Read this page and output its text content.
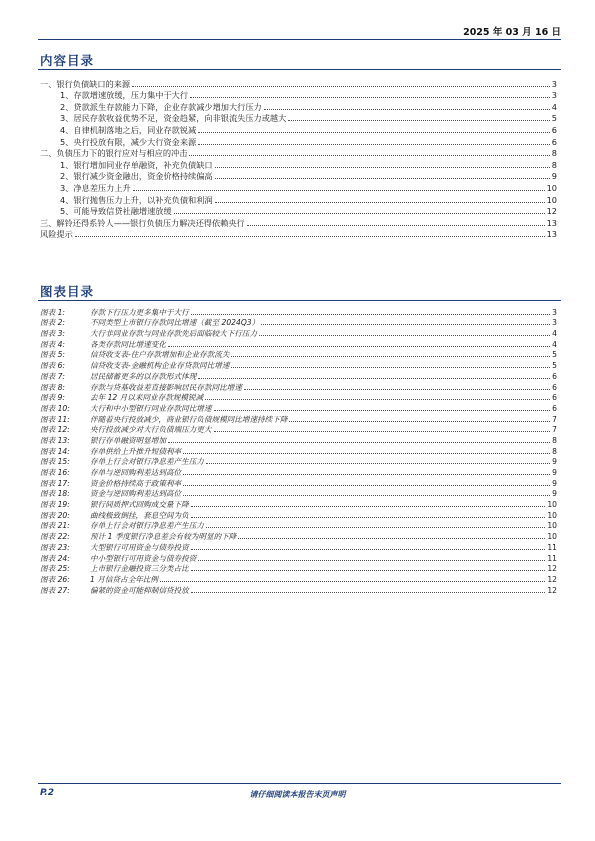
2025 年 03 月 16 日
内容目录
一、银行负债缺口的来源	3
1、存款增速放缓，压力集中于大行	3
2、贷款派生存款能力下降，企业存款减少增加大行压力	4
3、居民存款收益优势不足，资金趋紧，向非银流失压力或越大	5
4、自律机制落地之后，同业存款锐减	6
5、央行投放有限，减少大行资金来源	6
二、负债压力下的银行应对与相应的冲击	8
1、银行增加同业存单融资，补充负债缺口	8
2、银行减少资金融出，资金价格持续偏高	9
3、净息差压力上升	10
4、银行抛售压力上升，以补充负债和利润	10
5、可能导致信贷社融增速放缓	12
三、解铃还得系铃人——银行负债压力解决还得依赖央行	13
风险提示	13
图表目录
图表 1:	存款下行压力更多集中于大行	3
图表 2:	不同类型上市银行存款同比增速（截至 2024Q3）	3
图表 3:	大行非同业存款与同业存款先后面临较大下行压力	4
图表 4:	各类存款同比增速变化	4
图表 5:	信贷收支表-住户存款增加和企业存款流失	5
图表 6:	信贷收支表-金融机构企业存贷款同比增速	5
图表 7:	居民储蓄更多的以存款形式体现	6
图表 8:	存款与贷基收益差直接影响居民存款同比增速	6
图表 9:	去年 12 月以来同业存款规模锐减	6
图表 10:	大行和中小型银行同业存款同比增速	6
图表 11:	伴随着央行投放减少，商业银行负债规模同比增速持续下降	7
图表 12:	央行投放减少对大行负债端压力更大	7
图表 13:	银行存单融资明显增加	8
图表 14:	存单供给上升推升短债利率	8
图表 15:	存单上行会对银行净息差产生压力	9
图表 16:	存单与逆回购利差达到高位	9
图表 17:	资金价格持续高于政策利率	9
图表 18:	资金与逆回购利差达到高位	9
图表 19:	银行间质押式回购成交量下降	10
图表 20:	曲线极致倒挂，套息空间为负	10
图表 21:	存单上行会对银行净息差产生压力	10
图表 22:	预计 1 季度银行净息差会有较为明显的下降	10
图表 23:	大型银行可用资金与债券投资	11
图表 24:	中小型银行可用资金与债券投资	11
图表 25:	上市银行金融投资三分类占比	12
图表 26:	1 月信贷占全年比例	12
图表 27:	偏紧的资金可能抑制信贷投放	12
P.2	请仔细阅读本报告末页声明
